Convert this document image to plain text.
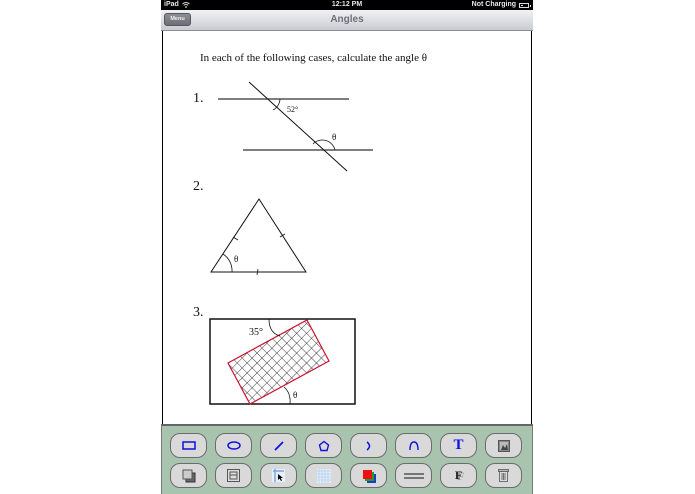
iPad	12:12 PM	Not Charging
Menu	Angles
In each of the following cases, calculate the angle θ
1.
52°
θ
2.
θ
3.
35°
θ
T
F
